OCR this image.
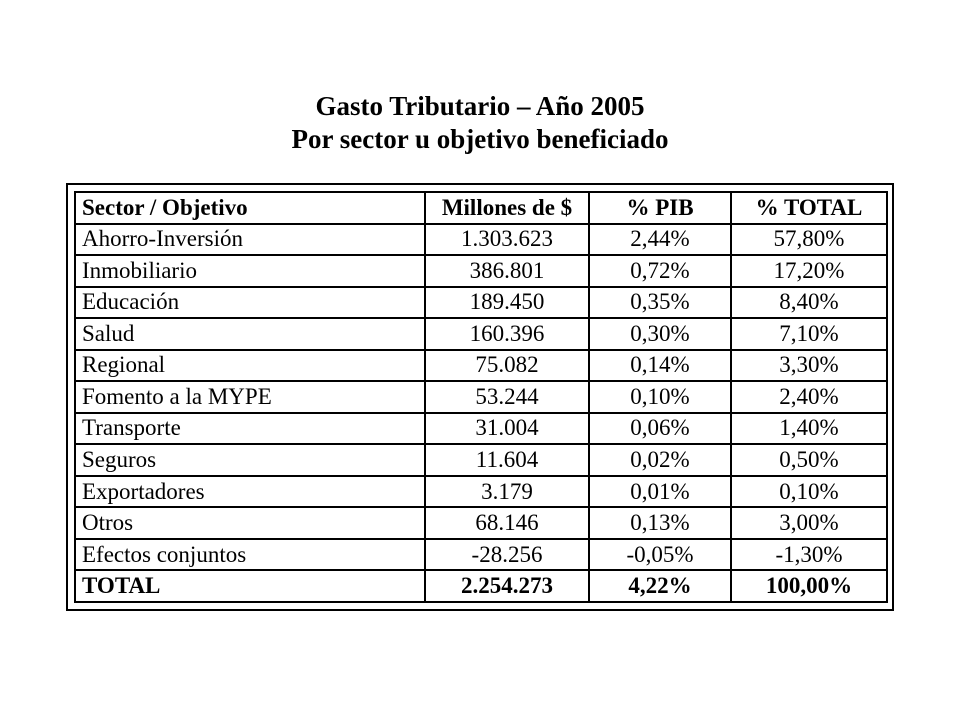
Gasto Tributario – Año 2005
Por sector u objetivo beneficiado
Sector / Objetivo	Millones de $	% PIB	% TOTAL
Ahorro-Inversión	1.303.623	2,44%	57,80%
Inmobiliario	386.801	0,72%	17,20%
Educación	189.450	0,35%	8,40%
Salud	160.396	0,30%	7,10%
Regional	75.082	0,14%	3,30%
Fomento a la MYPE	53.244	0,10%	2,40%
Transporte	31.004	0,06%	1,40%
Seguros	11.604	0,02%	0,50%
Exportadores	3.179	0,01%	0,10%
Otros	68.146	0,13%	3,00%
Efectos conjuntos	-28.256	-0,05%	-1,30%
TOTAL	2.254.273	4,22%	100,00%
